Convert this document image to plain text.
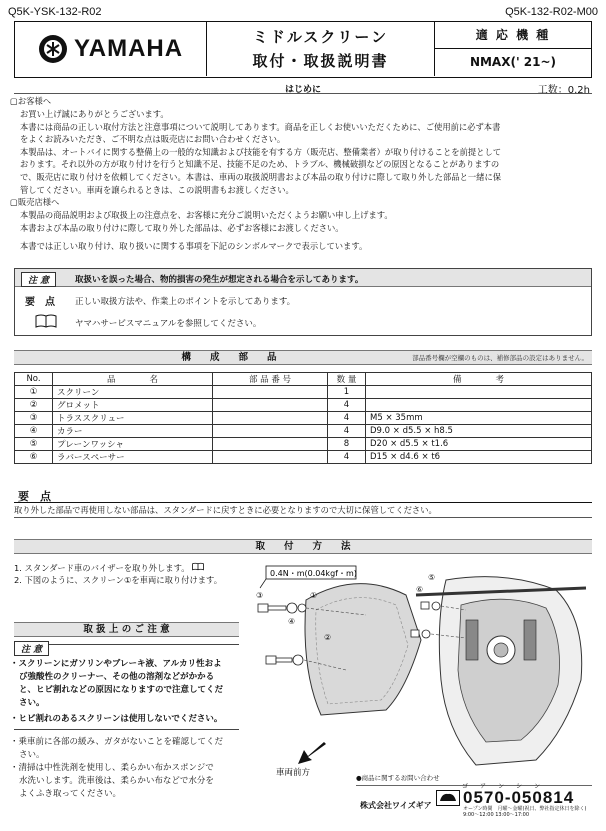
Q5K-YSK-132-R02	Q5K-132-R02-M00
YAMAHA	ミドルスクリーン
取付・取扱説明書
適 応 機 種
NMAX(' 21~)
はじめに	工数：0.2h
▢お客様へ
お買い上げ誠にありがとうございます。
本書には商品の正しい取付方法と注意事項について説明してあります。商品を正しくお使いいただくために、ご使用前に必ず本書
をよくお読みいただき、ご不明な点は販売店にお問い合わせください。
本製品は、オートバイに関する整備上の一般的な知識および技能を有する方（販売店、整備業者）が取り付けることを前提として
おります。それ以外の方が取り付けを行うと知識不足、技能不足のため、トラブル、機械破損などの原因となることがありますの
で、販売店に取り付けを依頼してください。本書は、車両の取扱説明書および本品の取り付けに際して取り外した部品と一緒に保
管してください。車両を譲られるときは、この説明書もお渡しください。
▢販売店様へ
本製品の商品説明および取扱上の注意点を、お客様に充分ご説明いただくようお願い申し上げます。
本書および本品の取り付けに際して取り外した部品は、必ずお客様にお渡しください。
本書では正しい取り付け、取り扱いに関する事項を下記のシンボルマークで表示しています。
注 意	取扱いを誤った場合、物的損害の発生が想定される場合を示してあります。
要　点 正しい取扱方法や、作業上のポイントを示してあります。
ヤマハサービスマニュアルを参照してください。
構　　成　　部　　品	部品番号欄が空欄のものは、補修部品の設定はありません。
No.	品　　　　名	部 品 番 号	数 量	備　　　　考
①	スクリーン		1	
②	グロメット		4	
③	トラススクリュー		4	M5 × 35mm
④	カラー		4	D9.0 × d5.5 × h8.5
⑤	プレーンワッシャ		8	D20 × d5.5 × t1.6
⑥	ラバースペーサー		4	D15 × d4.6 × t6
要　点
取り外した部品で再使用しない部品は、スタンダードに戻すときに必要となりますので大切に保管してください。
取　　付　　方　　法
1. スタンダード車のバイザーを取り外します。
2. 下図のように、スクリーン①を車両に取り付けます。
取 扱 上 の ご 注 意
注 意
・スクリーンにガソリンやブレーキ液、アルカリ性およ
び強酸性のクリーナー、その他の溶剤などがかかる
と、ヒビ割れなどの原因になりますので注意してくだ
さい。
・ヒビ割れのあるスクリーンは使用しないでください。
・乗車前に各部の緩み、ガタがないことを確認してくだ
さい。
・清掃は中性洗剤を使用し、柔らかい布かスポンジで
水洗いします。洗車後は、柔らかい布などで水分を
よくふき取ってください。
0.4N・m(0.04kgf・m)
①
②
③
④
⑤
⑥
車両前方	●商品に関するお問い合わせ
ゴ　ア　ン　シ　ン
0570-050814
オープン時間　月曜～金曜(祝日、弊社指定休日を除く)
9:00～12:00 13:00～17:00
株式会社ワイズギア
